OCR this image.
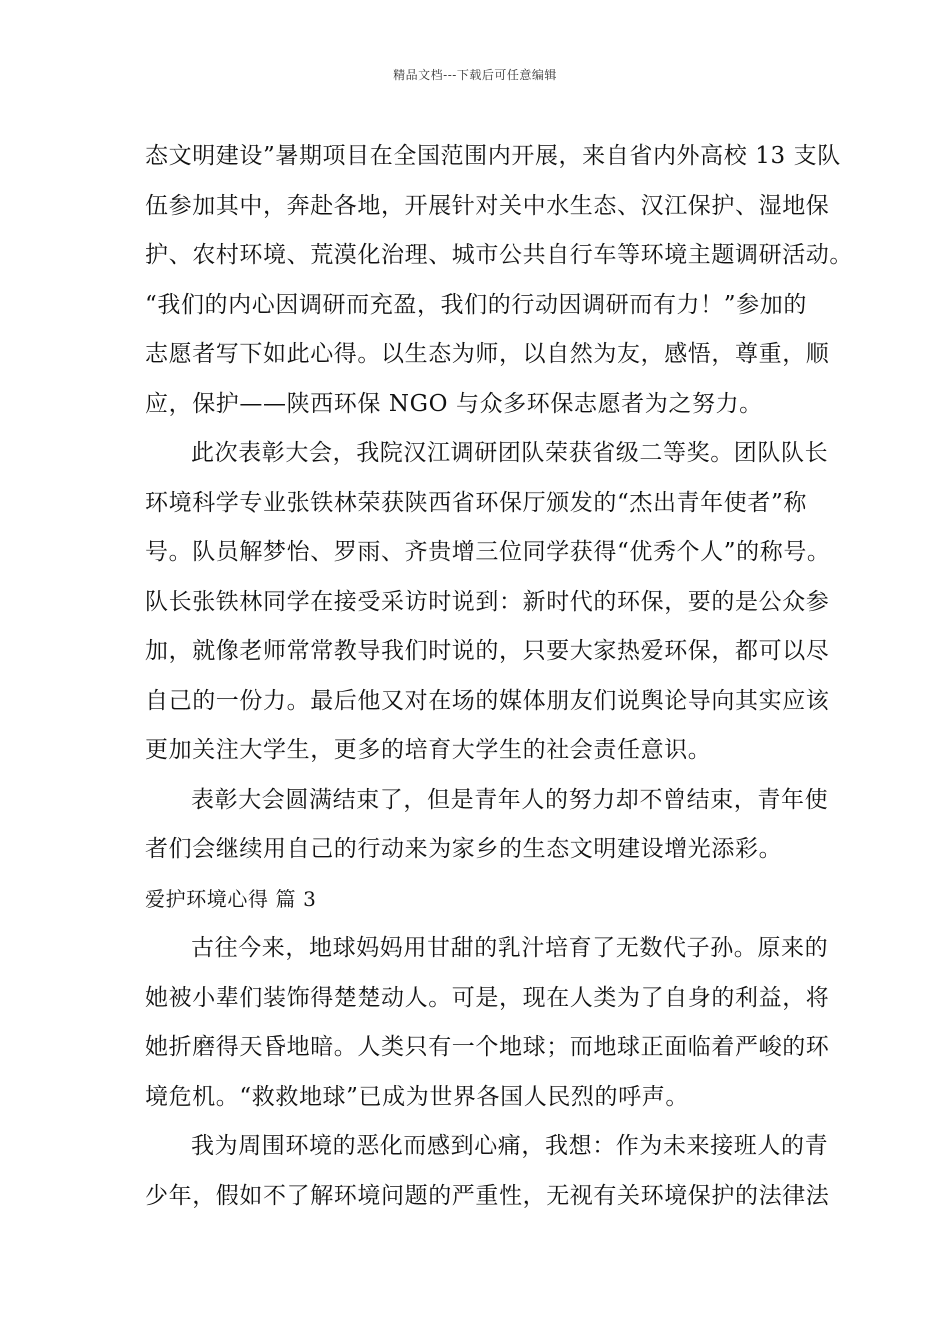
精品文档---下载后可任意编辑
态文明建设”暑期项目在全国范围内开展，来自省内外高校 13 支队
伍参加其中，奔赴各地，开展针对关中水生态、汉江保护、湿地保
护、农村环境、荒漠化治理、城市公共自行车等环境主题调研活动。
“我们的内心因调研而充盈，我们的行动因调研而有力！”参加的
志愿者写下如此心得。以生态为师，以自然为友，感悟，尊重，顺
应，保护——陕西环保 NGO 与众多环保志愿者为之努力。
此次表彰大会，我院汉江调研团队荣获省级二等奖。团队队长
环境科学专业张铁林荣获陕西省环保厅颁发的“杰出青年使者”称
号。队员解梦怡、罗雨、齐贵增三位同学获得“优秀个人”的称号。
队长张铁林同学在接受采访时说到：新时代的环保，要的是公众参
加，就像老师常常教导我们时说的，只要大家热爱环保，都可以尽
自己的一份力。最后他又对在场的媒体朋友们说舆论导向其实应该
更加关注大学生，更多的培育大学生的社会责任意识。
表彰大会圆满结束了，但是青年人的努力却不曾结束，青年使
者们会继续用自己的行动来为家乡的生态文明建设增光添彩。
爱护环境心得 篇 3
古往今来，地球妈妈用甘甜的乳汁培育了无数代子孙。原来的
她被小辈们装饰得楚楚动人。可是，现在人类为了自身的利益，将
她折磨得天昏地暗。人类只有一个地球；而地球正面临着严峻的环
境危机。“救救地球”已成为世界各国人民烈的呼声。
我为周围环境的恶化而感到心痛，我想：作为未来接班人的青
少年，假如不了解环境问题的严重性，无视有关环境保护的法律法
